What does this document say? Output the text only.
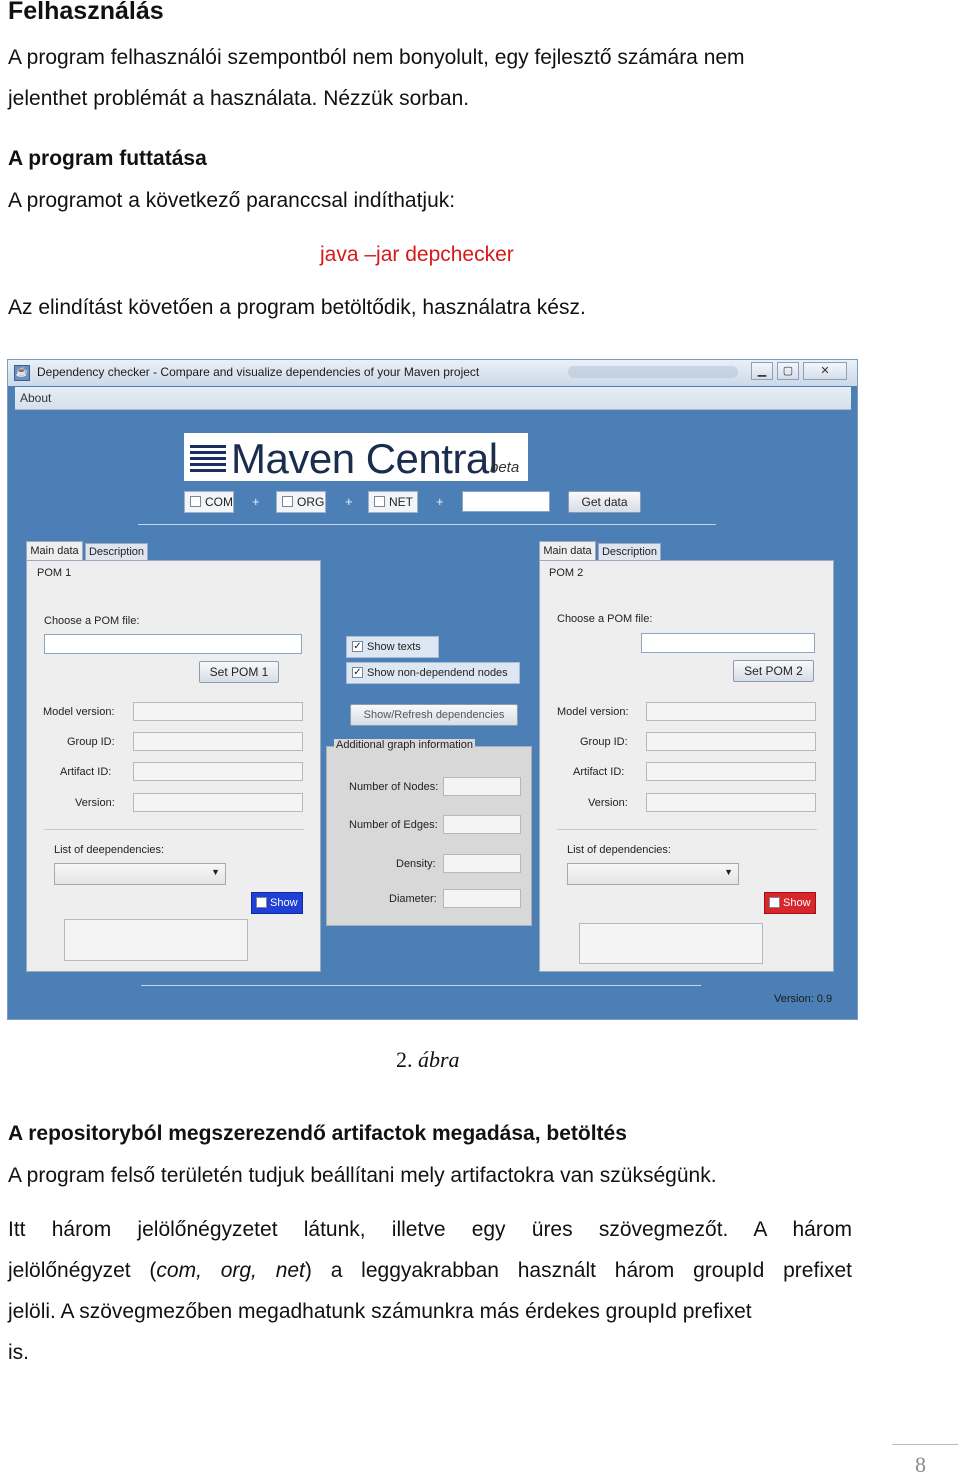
Felhasználás
A program felhasználói szempontból nem bonyolult, egy fejlesztő számára nem
jelenthet problémát a használata. Nézzük sorban.
A program futtatása
A programot a következő paranccsal indíthatjuk:
java –jar depchecker
Az elindítást követően a program betöltődik, használatra kész.
☕ Dependency checker - Compare and visualize dependencies of your Maven project	▁	▢	✕
About
Maven Central
beta
COM +	ORG +	NET	+	Get data
Main data Description
POM 1
Choose a POM file:
Set POM 1
Model version:
Group ID:
Artifact ID:
Version:
List of deependencies:
▼
Show
✓ Show texts
✓ Show non-dependend nodes
Show/Refresh dependencies
Additional graph information
Number of Nodes:
Number of Edges:
Density:
Diameter:
Main data Description
POM 2
Choose a POM file:
Set POM 2
Model version:
Group ID:
Artifact ID:
Version:
List of dependencies:
▼
Show
Version: 0.9
2. ábra
A repositoryból megszerezendő artifactok megadása, betöltés
A program felső területén tudjuk beállítani mely artifactokra van szükségünk.
Itt három jelölőnégyzetet látunk, illetve egy üres szövegmezőt. A három
jelölőnégyzet (com, org, net) a leggyakrabban használt három groupId prefixet
jelöli. A szövegmezőben megadhatunk számunkra más érdekes groupId prefixet
is.
8
